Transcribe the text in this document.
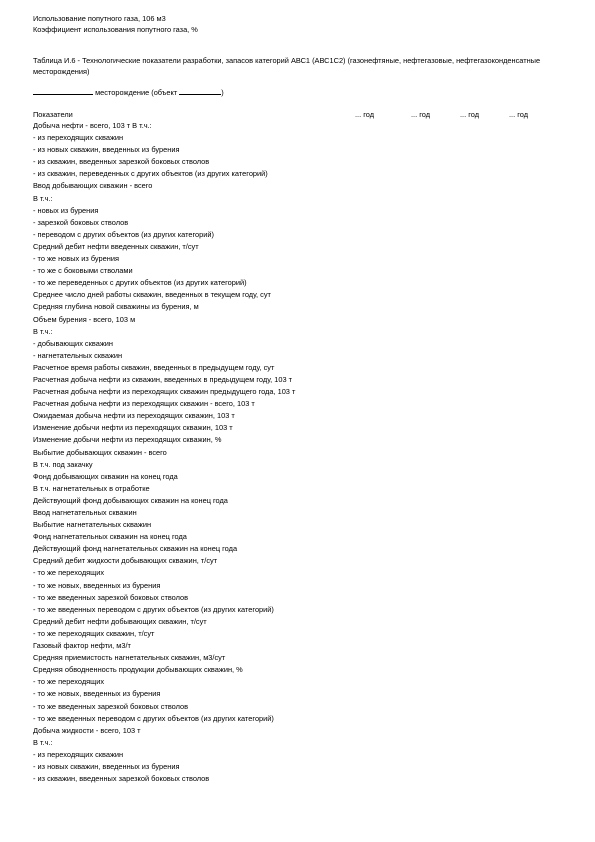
Использование попутного газа, 106 м3
Коэффициент использования попутного газа, %
Таблица И.6 - Технологические показатели разработки, запасов категорий АВС1 (АВС1С2) (газонефтяные, нефтегазовые, нефтегазоконденсатные месторождения)
месторождение (объект	)
Показатели	... год	... год	... год	... год
Добыча нефти - всего, 103 т В т.ч.:
- из переходящих скважин
- из новых скважин, введенных из бурения
- из скважин, введенных зарезкой боковых стволов
- из скважин, переведенных с других объектов (из других категорий)
Ввод добывающих скважин - всего
В т.ч.:
- новых из бурения
- зарезкой боковых стволов
- переводом с других объектов (из других категорий)
Средний дебит нефти введенных скважин, т/сут
- то же новых из бурения
- то же с боковыми стволами
- то же переведенных с других объектов (из других категорий)
Среднее число дней работы скважин, введенных в текущем году, сут
Средняя глубина новой скважины из бурения, м
Объем бурения - всего, 103 м
В т.ч.:
- добывающих скважин
- нагнетательных скважин
Расчетное время работы скважин, введенных в предыдущем году, сут
Расчетная добыча нефти из скважин, введенных в предыдущем году, 103 т
Расчетная добыча нефти из переходящих скважин предыдущего года, 103 т
Расчетная добыча нефти из переходящих скважин - всего, 103 т
Ожидаемая добыча нефти из переходящих скважин, 103 т
Изменение добычи нефти из переходящих скважин, 103 т
Изменение добычи нефти из переходящих скважин, %
Выбытие добывающих скважин - всего
В т.ч. под закачку
Фонд добывающих скважин на конец года
В т.ч. нагнетательных в отработке
Действующий фонд добывающих скважин на конец года
Ввод нагнетательных скважин
Выбытие нагнетательных скважин
Фонд нагнетательных скважин на конец года
Действующий фонд нагнетательных скважин на конец года
Средний дебит жидкости добывающих скважин, т/сут
- то же переходящих
- то же новых, введенных из бурения
- то же введенных зарезкой боковых стволов
- то же введенных переводом с других объектов (из других категорий)
Средний дебит нефти добывающих скважин, т/сут
- то же переходящих скважин, т/сут
Газовый фактор нефти, м3/т
Средняя приемистость нагнетательных скважин, м3/сут
Средняя обводненность продукции добывающих скважин, %
- то же переходящих
- то же новых, введенных из бурения
- то же введенных зарезкой боковых стволов
- то же введенных переводом с других объектов (из других категорий)
Добыча жидкости - всего, 103 т
В т.ч.:
- из переходящих скважин
- из новых скважин, введенных из бурения
- из скважин, введенных зарезкой боковых стволов
